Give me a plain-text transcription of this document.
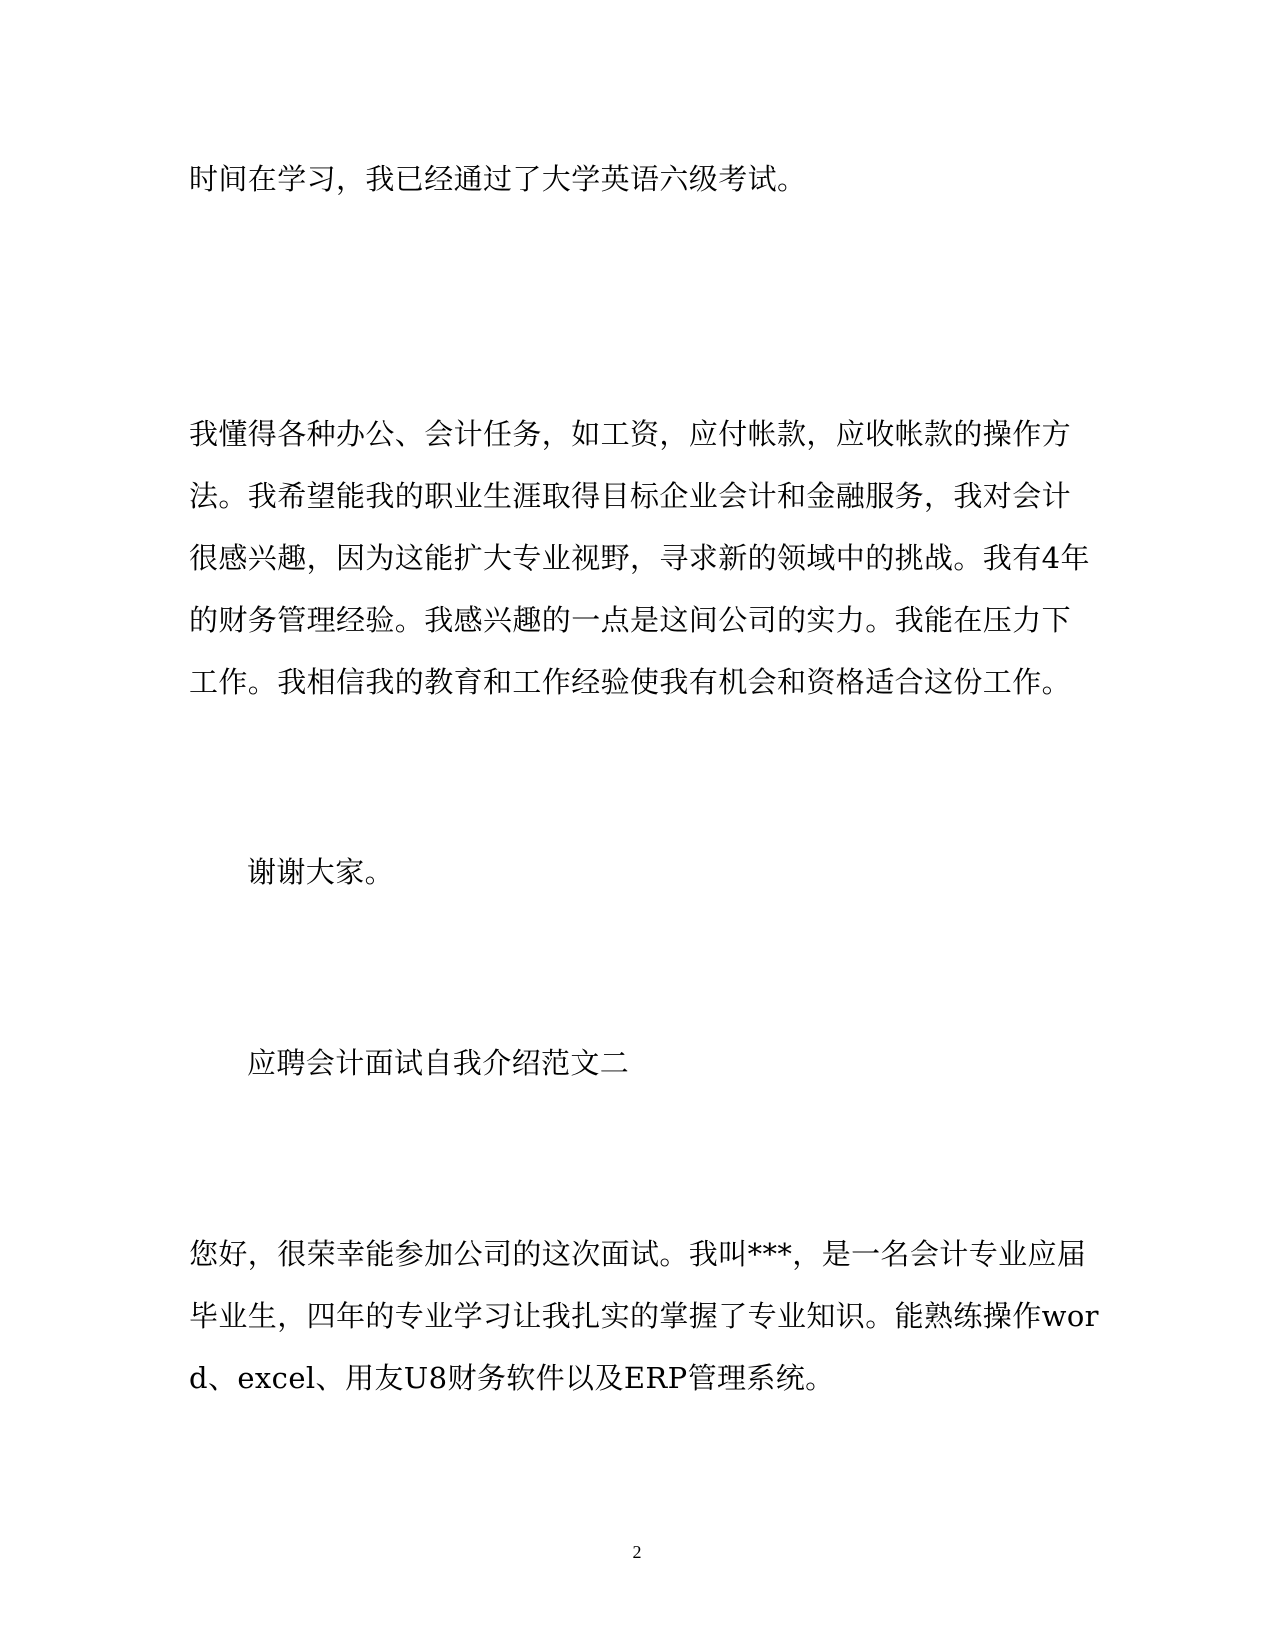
时间在学习，我已经通过了大学英语六级考试。
我懂得各种办公、会计任务，如工资，应付帐款，应收帐款的操作方
法。我希望能我的职业生涯取得目标企业会计和金融服务，我对会计
很感兴趣，因为这能扩大专业视野，寻求新的领域中的挑战。我有4年
的财务管理经验。我感兴趣的一点是这间公司的实力。我能在压力下
工作。我相信我的教育和工作经验使我有机会和资格适合这份工作。
谢谢大家。
应聘会计面试自我介绍范文二
您好，很荣幸能参加公司的这次面试。我叫***，是一名会计专业应届
毕业生，四年的专业学习让我扎实的掌握了专业知识。能熟练操作wor
d、excel、用友U8财务软件以及ERP管理系统。
2
